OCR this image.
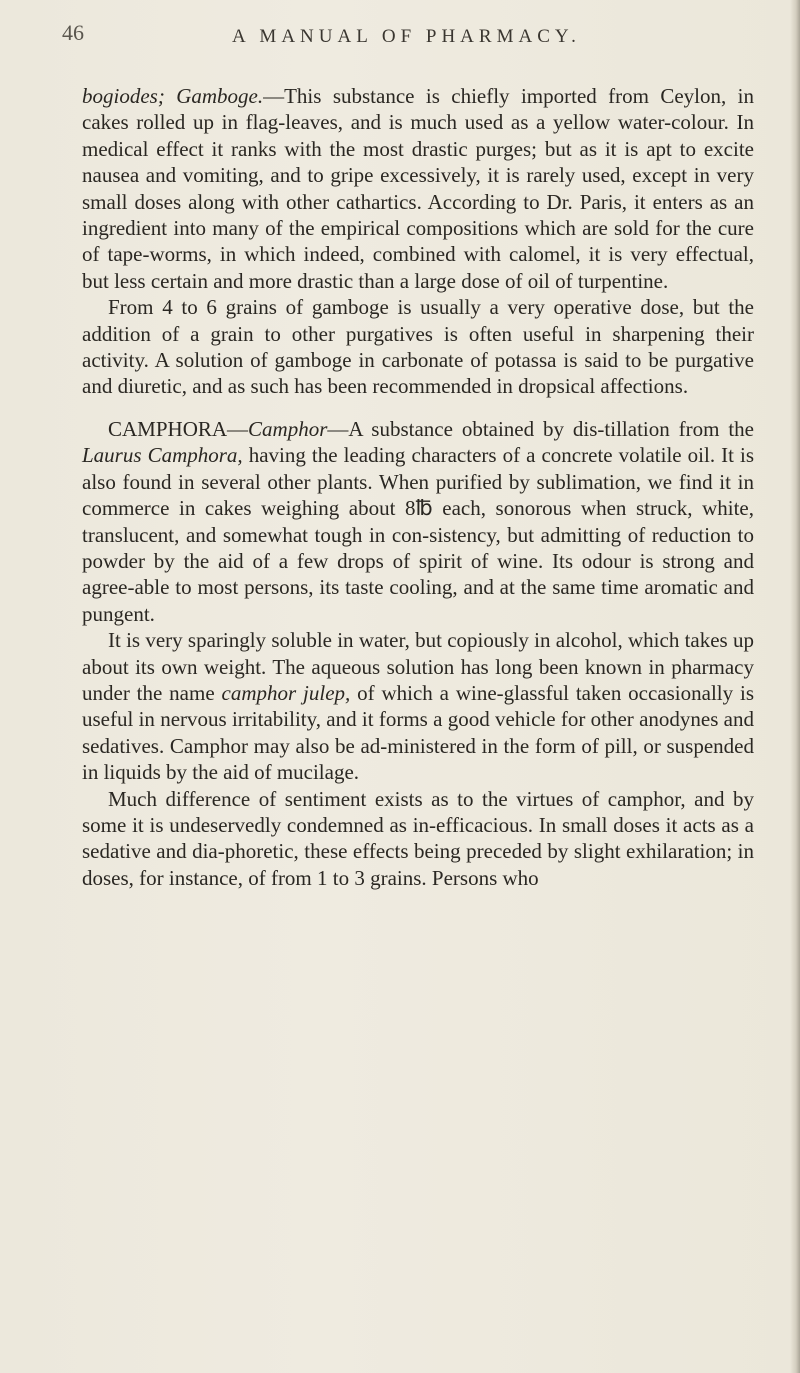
46	A MANUAL OF PHARMACY.

bogiodes; Gamboge.—This substance is chiefly imported from Ceylon, in cakes rolled up in flag-leaves, and is much used as a yellow water-colour. In medical effect it ranks with the most drastic purges; but as it is apt to excite nausea and vomiting, and to gripe excessively, it is rarely used, except in very small doses along with other cathartics. According to Dr. Paris, it enters as an ingredient into many of the empirical compositions which are sold for the cure of tape-worms, in which indeed, combined with calomel, it is very effectual, but less certain and more drastic than a large dose of oil of turpentine.

From 4 to 6 grains of gamboge is usually a very operative dose, but the addition of a grain to other purgatives is often useful in sharpening their activity. A solution of gamboge in carbonate of potassa is said to be purgative and diuretic, and as such has been recommended in dropsical affections.

CAMPHORA—Camphor—A substance obtained by dis-tillation from the Laurus Camphora, having the leading characters of a concrete volatile oil. It is also found in several other plants. When purified by sublimation, we find it in commerce in cakes weighing about 8℔ each, sonorous when struck, white, translucent, and somewhat tough in con-sistency, but admitting of reduction to powder by the aid of a few drops of spirit of wine. Its odour is strong and agree-able to most persons, its taste cooling, and at the same time aromatic and pungent.

It is very sparingly soluble in water, but copiously in alcohol, which takes up about its own weight. The aqueous solution has long been known in pharmacy under the name camphor julep, of which a wine-glassful taken occasionally is useful in nervous irritability, and it forms a good vehicle for other anodynes and sedatives. Camphor may also be ad-ministered in the form of pill, or suspended in liquids by the aid of mucilage.

Much difference of sentiment exists as to the virtues of camphor, and by some it is undeservedly condemned as in-efficacious. In small doses it acts as a sedative and dia-phoretic, these effects being preceded by slight exhilaration; in doses, for instance, of from 1 to 3 grains. Persons who
